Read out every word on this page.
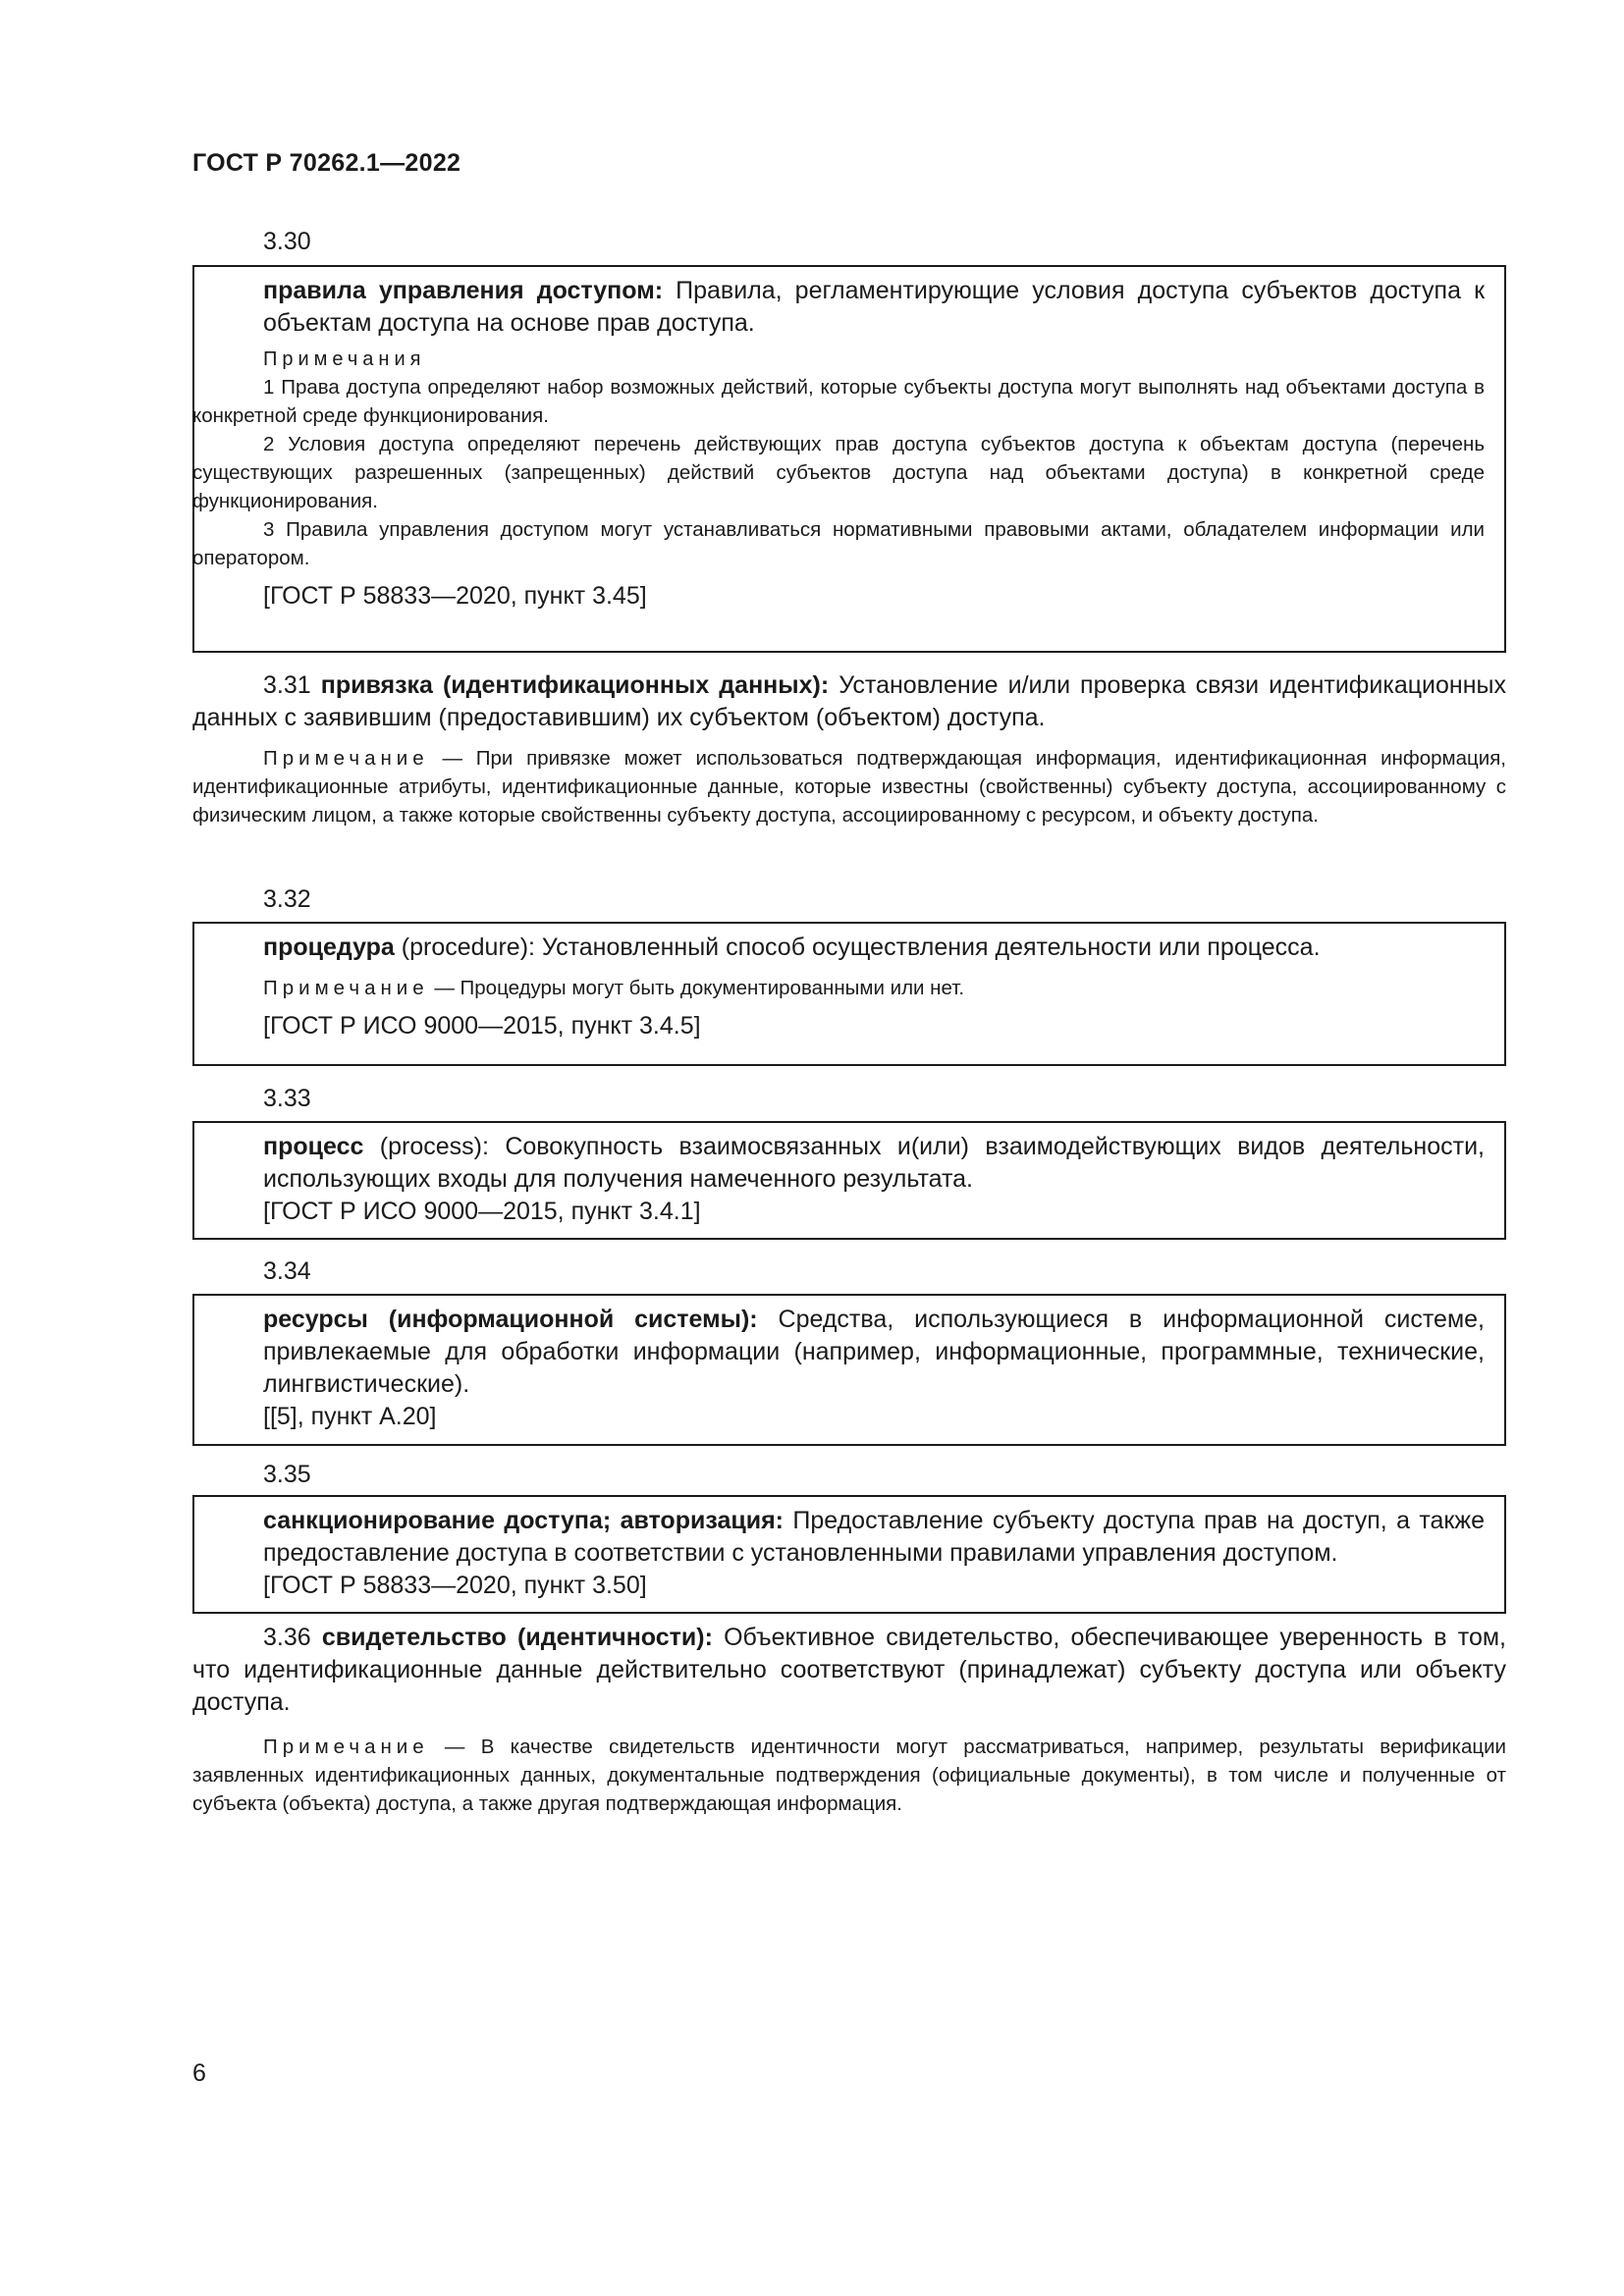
ГОСТ Р 70262.1—2022
3.30

правила управления доступом: Правила, регламентирующие условия доступа субъектов доступа к объектам доступа на основе прав доступа.

Примечания

1 Права доступа определяют набор возможных действий, которые субъекты доступа могут выполнять над объектами доступа в конкретной среде функционирования.

2 Условия доступа определяют перечень действующих прав доступа субъектов доступа к объектам доступа (перечень существующих разрешенных (запрещенных) действий субъектов доступа над объектами доступа) в конкретной среде функционирования.

3 Правила управления доступом могут устанавливаться нормативными правовыми актами, обладателем информации или оператором.

[ГОСТ Р 58833—2020, пункт 3.45]

3.31 привязка (идентификационных данных): Установление и/или проверка связи идентификационных данных с заявившим (предоставившим) их субъектом (объектом) доступа.

Примечание — При привязке может использоваться подтверждающая информация, идентификационная информация, идентификационные атрибуты, идентификационные данные, которые известны (свойственны) субъекту доступа, ассоциированному с физическим лицом, а также которые свойственны субъекту доступа, ассоциированному с ресурсом, и объекту доступа.

3.32

процедура (procedure): Установленный способ осуществления деятельности или процесса.

Примечание — Процедуры могут быть документированными или нет.

[ГОСТ Р ИСО 9000—2015, пункт 3.4.5]

3.33

процесс (process): Совокупность взаимосвязанных и(или) взаимодействующих видов деятельности, использующих входы для получения намеченного результата.

[ГОСТ Р ИСО 9000—2015, пункт 3.4.1]

3.34

ресурсы (информационной системы): Средства, использующиеся в информационной системе, привлекаемые для обработки информации (например, информационные, программные, технические, лингвистические).

[[5], пункт А.20]

3.35

санкционирование доступа; авторизация: Предоставление субъекту доступа прав на доступ, а также предоставление доступа в соответствии с установленными правилами управления доступом.

[ГОСТ Р 58833—2020, пункт 3.50]

3.36 свидетельство (идентичности): Объективное свидетельство, обеспечивающее уверенность в том, что идентификационные данные действительно соответствуют (принадлежат) субъекту доступа или объекту доступа.

Примечание — В качестве свидетельств идентичности могут рассматриваться, например, результаты верификации заявленных идентификационных данных, документальные подтверждения (официальные документы), в том числе и полученные от субъекта (объекта) доступа, а также другая подтверждающая информация.

6
